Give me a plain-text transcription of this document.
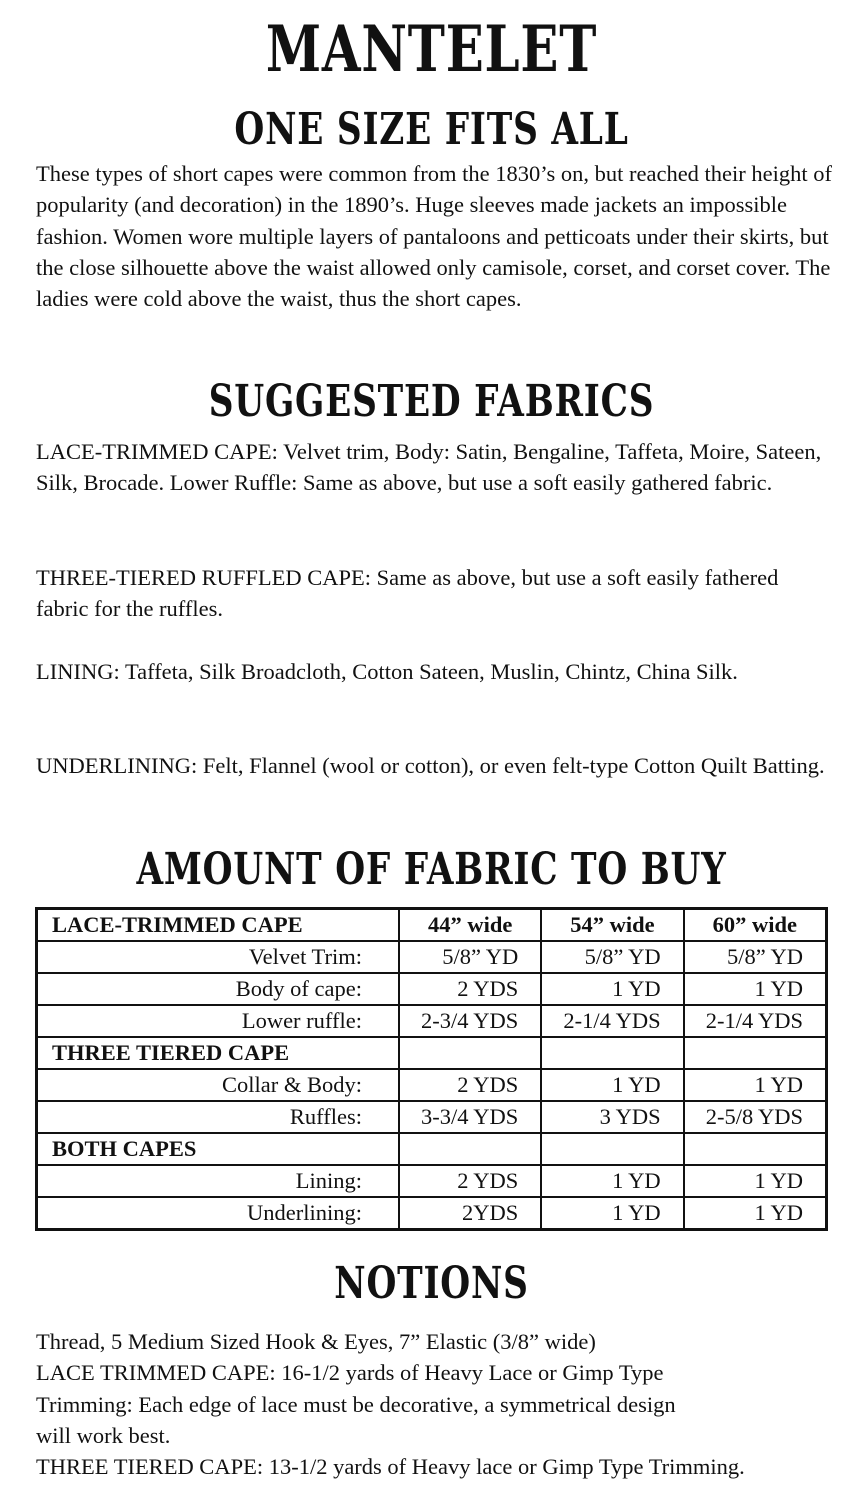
MANTELET
ONE SIZE FITS ALL

These types of short capes were common from the 1830’s on, but reached their height of popularity (and decoration) in the 1890’s. Huge sleeves made jackets an impossible fashion. Women wore multiple layers of pantaloons and petticoats under their skirts, but the close silhouette above the waist allowed only camisole, corset, and corset cover. The ladies were cold above the waist, thus the short capes.

SUGGESTED FABRICS

LACE-TRIMMED CAPE: Velvet trim, Body: Satin, Bengaline, Taffeta, Moire, Sateen, Silk, Brocade. Lower Ruffle: Same as above, but use a soft easily gathered fabric.

THREE-TIERED RUFFLED CAPE: Same as above, but use a soft easily fathered fabric for the ruffles.

LINING: Taffeta, Silk Broadcloth, Cotton Sateen, Muslin, Chintz, China Silk.

UNDERLINING: Felt, Flannel (wool or cotton), or even felt-type Cotton Quilt Batting.

AMOUNT OF FABRIC TO BUY
LACE-TRIMMED CAPE	44” wide	54” wide	60” wide
Velvet Trim:	5/8” YD	5/8” YD	5/8” YD
Body of cape:	2 YDS	1 YD	1 YD
Lower ruffle:	2-3/4 YDS	2-1/4 YDS	2-1/4 YDS
THREE TIERED CAPE			
Collar & Body:	2 YDS	1 YD	1 YD
Ruffles:	3-3/4 YDS	3 YDS	2-5/8 YDS
BOTH CAPES			
Lining:	2 YDS	1 YD	1 YD
Underlining:	2YDS	1 YD	1 YD
NOTIONS
Thread, 5 Medium Sized Hook & Eyes, 7” Elastic (3/8” wide)
LACE TRIMMED CAPE: 16-1/2 yards of Heavy Lace or Gimp Type
Trimming: Each edge of lace must be decorative, a symmetrical design
will work best.
THREE TIERED CAPE: 13-1/2 yards of Heavy lace or Gimp Type Trimming.
